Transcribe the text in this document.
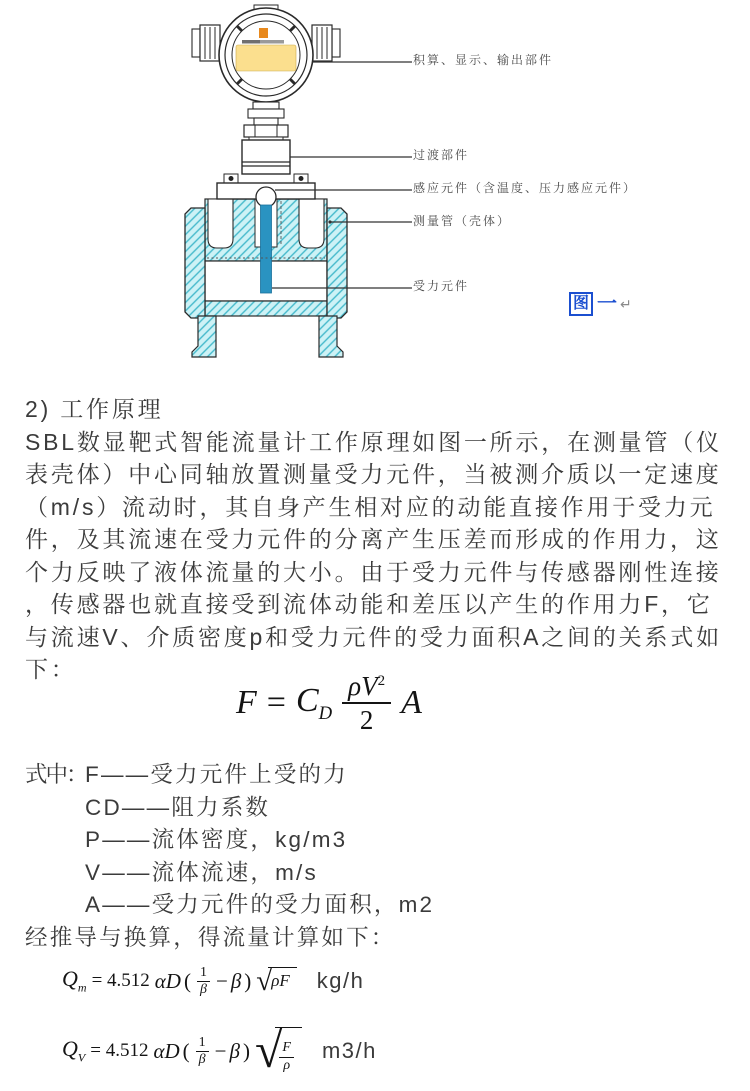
积算、显示、输出部件
过渡部件
感应元件（含温度、压力感应元件）
测量管（壳体）
受力元件
图 一 ↵
2) 工作原理
SBL数显靶式智能流量计工作原理如图一所示，在测量管（仪
表壳体）中心同轴放置测量受力元件，当被测介质以一定速度
（m/s）流动时，其自身产生相对应的动能直接作用于受力元
件，及其流速在受力元件的分离产生压差而形成的作用力，这
个力反映了液体流量的大小。由于受力元件与传感器刚性连接
，传感器也就直接受到流体动能和差压以产生的作用力F，它
与流速V、介质密度p和受力元件的受力面积A之间的关系式如
下：
$F = C_D \frac{\rho V^2}{2}$ A
式中：F——受力元件上受的力
CD——阻力系数
P——流体密度，kg/m3
V——流体流速，m/s
A——受力元件的受力面积，m2
经推导与换算，得流量计算如下：
$Q_m = 4.512$ αD ( 1
β − β ) √ ρF	kg/h
$Q_V = 4.512$ αD ( 1
β − β ) √
$\frac{F}{\rho} m3/h$
